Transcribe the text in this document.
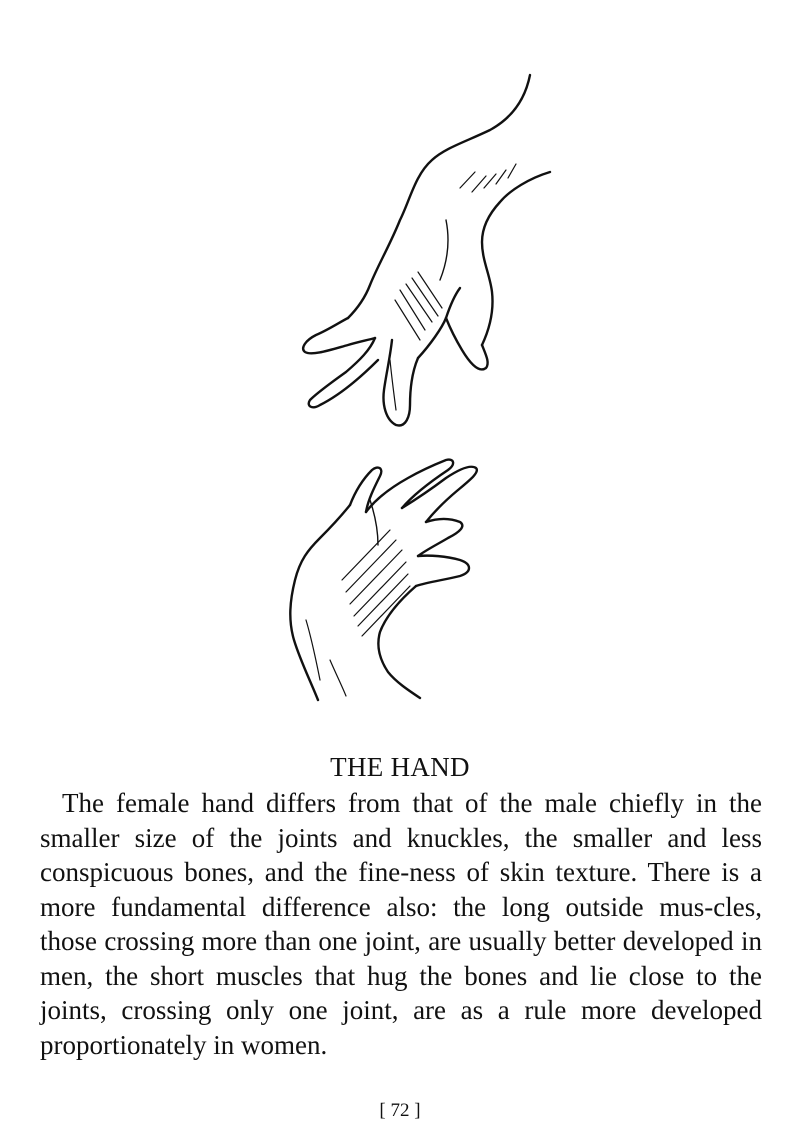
THE HAND

The female hand differs from that of the male chiefly in the smaller size of the joints and knuckles, the smaller and less conspicuous bones, and the fine-ness of skin texture. There is a more fundamental difference also: the long outside mus-cles, those crossing more than one joint, are usually better developed in men, the short muscles that hug the bones and lie close to the joints, crossing only one joint, are as a rule more developed proportionately in women.

[ 72 ]
